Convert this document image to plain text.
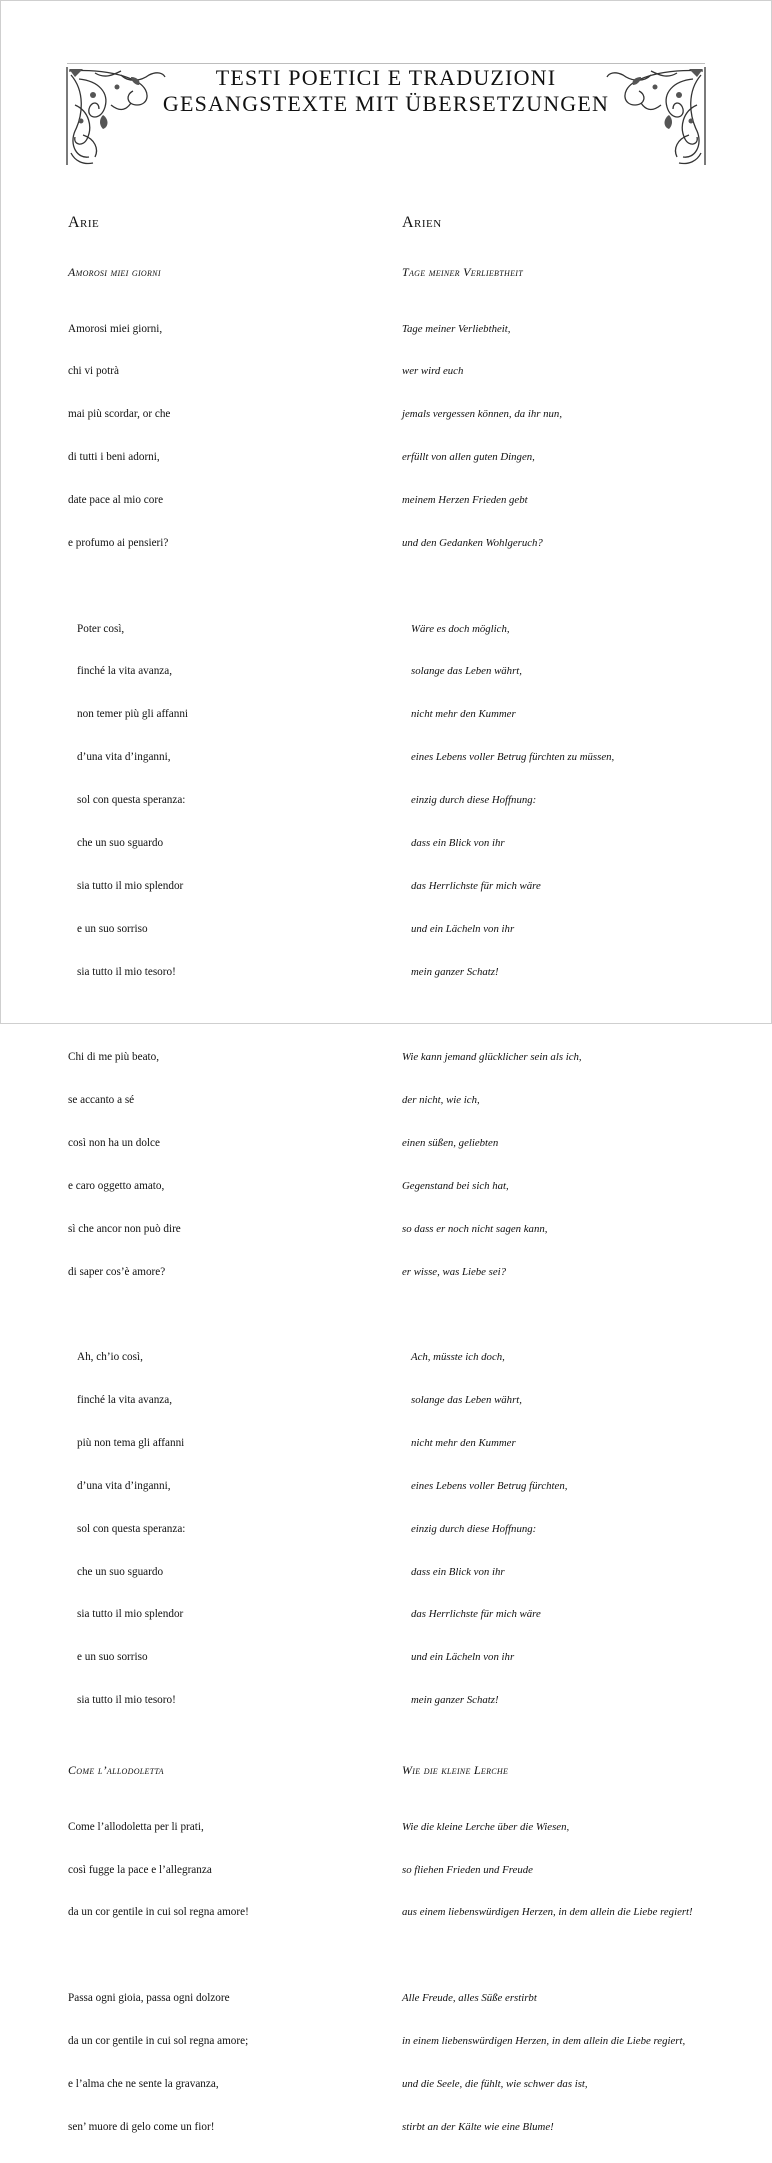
TESTI POETICI E TRADUZIONI
GESANGSTEXTE MIT ÜBERSETZUNGEN
Arie
Amorosi miei giorni

Amorosi miei giorni,

chi vi potrà

mai più scordar, or che

di tutti i beni adorni,

date pace al mio core

e profumo ai pensieri?

Poter così,

finché la vita avanza,

non temer più gli affanni

d’una vita d’inganni,

sol con questa speranza:

che un suo sguardo

sia tutto il mio splendor

e un suo sorriso

sia tutto il mio tesoro!

Chi di me più beato,

se accanto a sé

così non ha un dolce

e caro oggetto amato,

sì che ancor non può dire

di saper cos’è amore?

Ah, ch’io così,

finché la vita avanza,

più non tema gli affanni

d’una vita d’inganni,

sol con questa speranza:

che un suo sguardo

sia tutto il mio splendor

e un suo sorriso

sia tutto il mio tesoro!

Come l’allodoletta

Come l’allodoletta per li prati,

così fugge la pace e l’allegranza

da un cor gentile in cui sol regna amore!

Passa ogni gioia, passa ogni dolzore

da un cor gentile in cui sol regna amore;

e l’alma che ne sente la gravanza,

sen’ muore di gelo come un fior!

Arien
Tage meiner Verliebtheit

Tage meiner Verliebtheit,

wer wird euch

jemals vergessen können, da ihr nun,

erfüllt von allen guten Dingen,

meinem Herzen Frieden gebt

und den Gedanken Wohlgeruch?

Wäre es doch möglich,

solange das Leben währt,

nicht mehr den Kummer

eines Lebens voller Betrug fürchten zu müssen,

einzig durch diese Hoffnung:

dass ein Blick von ihr

das Herrlichste für mich wäre

und ein Lächeln von ihr

mein ganzer Schatz!

Wie kann jemand glücklicher sein als ich,

der nicht, wie ich,

einen süßen, geliebten

Gegenstand bei sich hat,

so dass er noch nicht sagen kann,

er wisse, was Liebe sei?

Ach, müsste ich doch,

solange das Leben währt,

nicht mehr den Kummer

eines Lebens voller Betrug fürchten,

einzig durch diese Hoffnung:

dass ein Blick von ihr

das Herrlichste für mich wäre

und ein Lächeln von ihr

mein ganzer Schatz!

Wie die kleine Lerche

Wie die kleine Lerche über die Wiesen,

so fliehen Frieden und Freude

aus einem liebenswürdigen Herzen, in dem allein die Liebe regiert!

Alle Freude, alles Süße erstirbt

in einem liebenswürdigen Herzen, in dem allein die Liebe regiert,

und die Seele, die fühlt, wie schwer das ist,

stirbt an der Kälte wie eine Blume!
